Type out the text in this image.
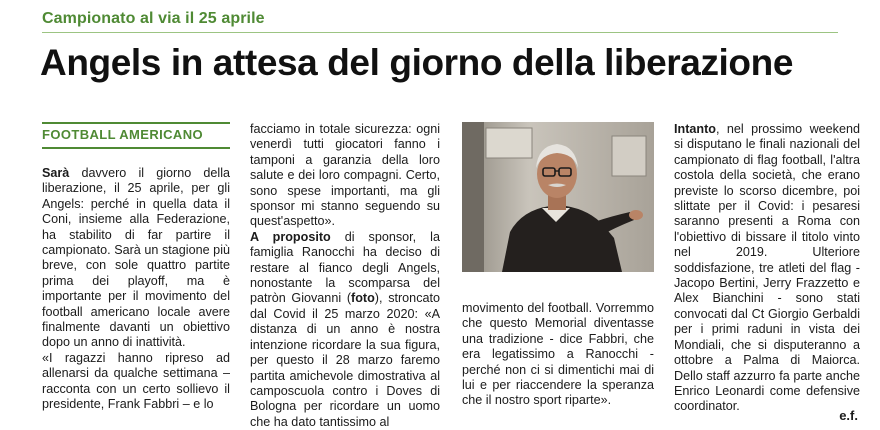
Campionato al via il 25 aprile
Angels in attesa del giorno della liberazione
FOOTBALL AMERICANO

Sarà davvero il giorno della liberazione, il 25 aprile, per gli Angels: perché in quella data il Coni, insieme alla Federazione, ha stabilito di far partire il campionato. Sarà un stagione più breve, con sole quattro partite prima dei playoff, ma è importante per il movimento del football americano locale avere finalmente davanti un obiettivo dopo un anno di inattività.

«I ragazzi hanno ripreso ad allenarsi da qualche settimana – racconta con un certo sollievo il presidente, Frank Fabbri – e lo

facciamo in totale sicurezza: ogni venerdì tutti giocatori fanno i tamponi a garanzia della loro salute e dei loro compagni. Certo, sono spese importanti, ma gli sponsor mi stanno seguendo su quest'aspetto».

A proposito di sponsor, la famiglia Ranocchi ha deciso di restare al fianco degli Angels, nonostante la scomparsa del patròn Giovanni (foto), stroncato dal Covid il 25 marzo 2020: «A distanza di un anno è nostra intenzione ricordare la sua figura, per questo il 28 marzo faremo partita amichevole dimostrativa al camposcuola contro i Doves di Bologna per ricordare un uomo che ha dato tantissimo al

movimento del football. Vorremmo che questo Memorial diventasse una tradizione - dice Fabbri, che era legatissimo a Ranocchi - perché non ci si dimentichi mai di lui e per riaccendere la speranza che il nostro sport riparte».

Intanto, nel prossimo weekend si disputano le finali nazionali del campionato di flag football, l'altra costola della società, che erano previste lo scorso dicembre, poi slittate per il Covid: i pesaresi saranno presenti a Roma con l'obiettivo di bissare il titolo vinto nel 2019. Ulteriore soddisfazione, tre atleti del flag - Jacopo Bertini, Jerry Frazzetto e Alex Bianchini - sono stati convocati dal Ct Giorgio Gerbaldi per i primi raduni in vista dei Mondiali, che si disputeranno a ottobre a Palma di Maiorca. Dello staff azzurro fa parte anche Enrico Leonardi come defensive coordinator.

e.f.
